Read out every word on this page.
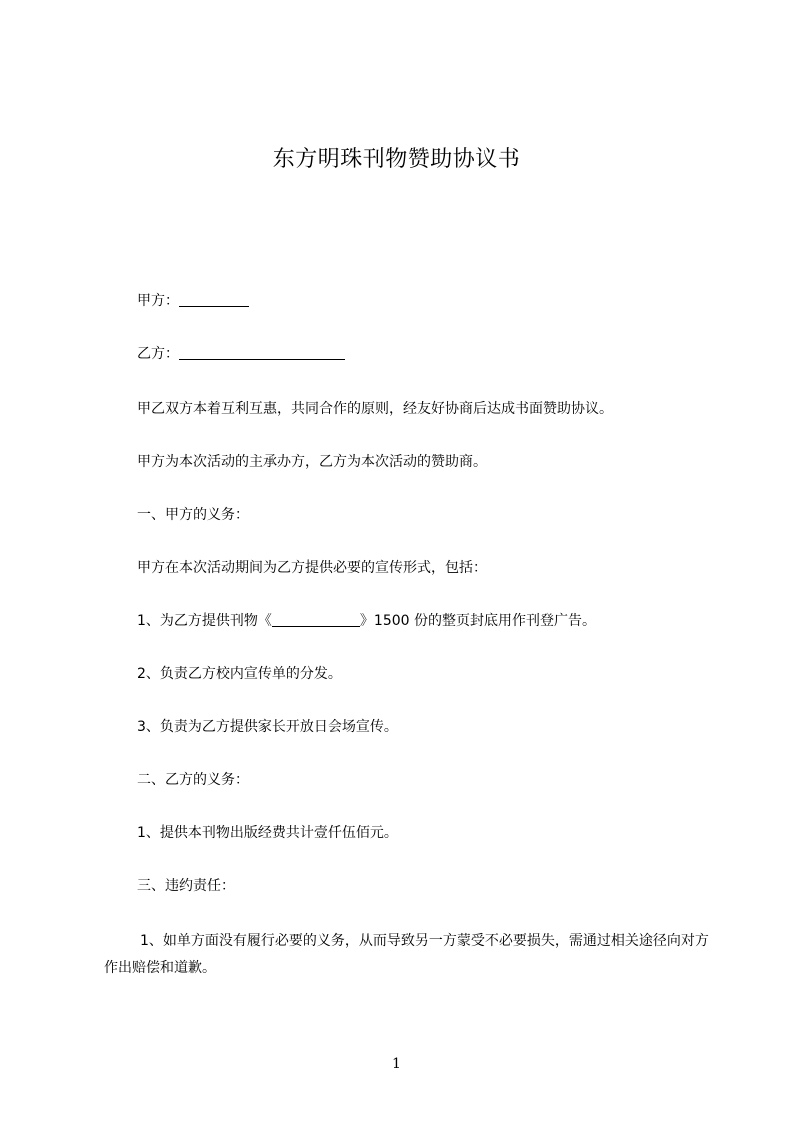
东方明珠刊物赞助协议书
甲方：
乙方：
甲乙双方本着互利互惠，共同合作的原则，经友好协商后达成书面赞助协议。
甲方为本次活动的主承办方，乙方为本次活动的赞助商。
一、甲方的义务：
甲方在本次活动期间为乙方提供必要的宣传形式，包括：
1、为乙方提供刊物《	》1500 份的整页封底用作刊登广告。
2、负责乙方校内宣传单的分发。
3、负责为乙方提供家长开放日会场宣传。
二、乙方的义务：
1、提供本刊物出版经费共计壹仟伍佰元。
三、违约责任：
1、如单方面没有履行必要的义务，从而导致另一方蒙受不必要损失，需通过相关途径向对方作出赔偿和道歉。
1
